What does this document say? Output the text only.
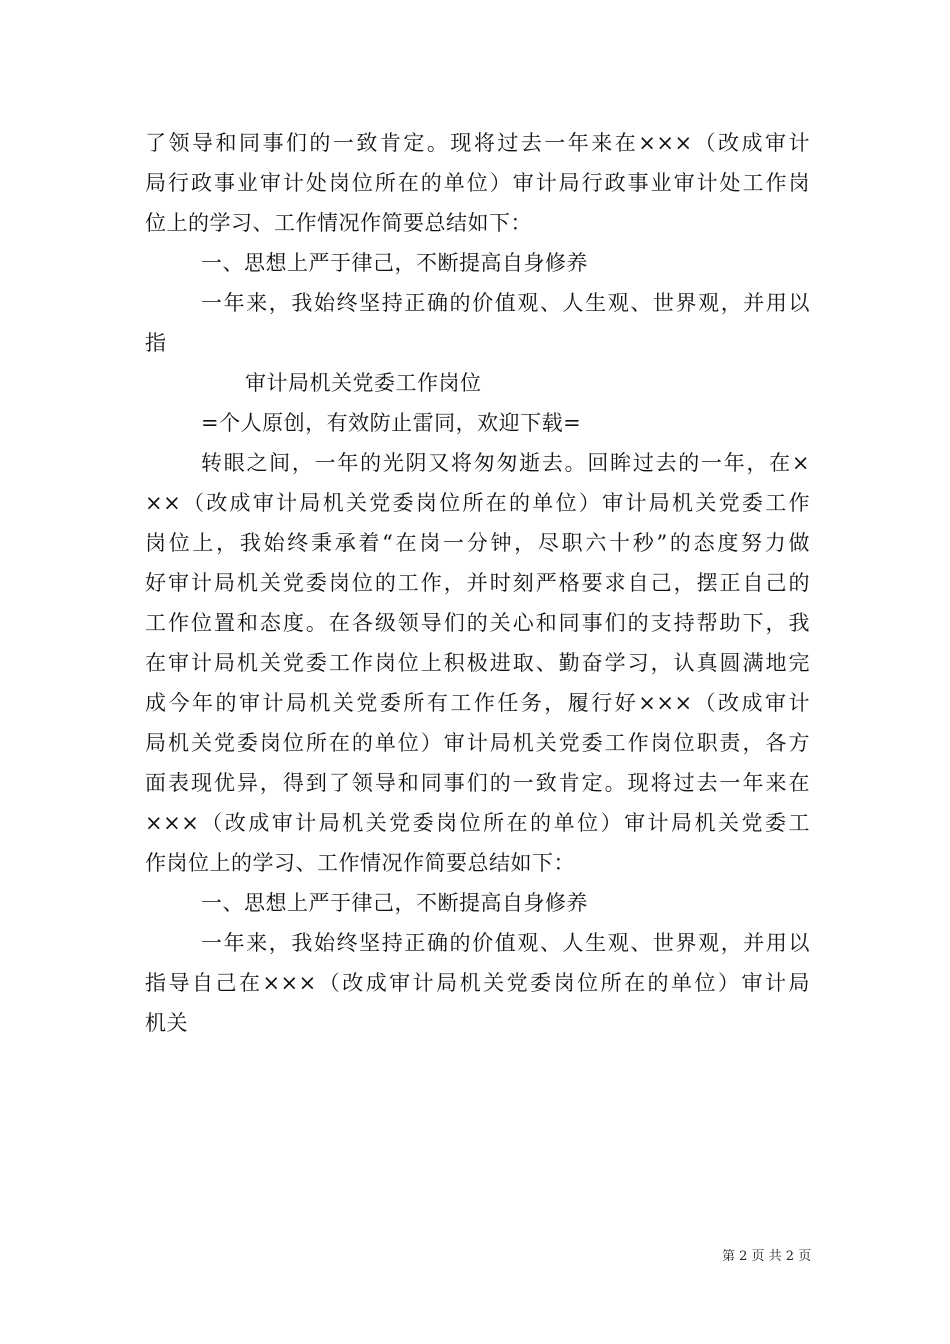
了领导和同事们的一致肯定。现将过去一年来在×××（改成审计
局行政事业审计处岗位所在的单位）审计局行政事业审计处工作岗
位上的学习、工作情况作简要总结如下：
一、思想上严于律己，不断提高自身修养
一年来，我始终坚持正确的价值观、人生观、世界观，并用以
指
审计局机关党委工作岗位
=个人原创，有效防止雷同，欢迎下载=
转眼之间，一年的光阴又将匆匆逝去。回眸过去的一年，在×
××（改成审计局机关党委岗位所在的单位）审计局机关党委工作
岗位上，我始终秉承着“在岗一分钟，尽职六十秒”的态度努力做
好审计局机关党委岗位的工作，并时刻严格要求自己，摆正自己的
工作位置和态度。在各级领导们的关心和同事们的支持帮助下，我
在审计局机关党委工作岗位上积极进取、勤奋学习，认真圆满地完
成今年的审计局机关党委所有工作任务，履行好×××（改成审计
局机关党委岗位所在的单位）审计局机关党委工作岗位职责，各方
面表现优异，得到了领导和同事们的一致肯定。现将过去一年来在
×××（改成审计局机关党委岗位所在的单位）审计局机关党委工
作岗位上的学习、工作情况作简要总结如下：
一、思想上严于律己，不断提高自身修养
一年来，我始终坚持正确的价值观、人生观、世界观，并用以
指导自己在×××（改成审计局机关党委岗位所在的单位）审计局
机关
第 2 页 共 2 页
